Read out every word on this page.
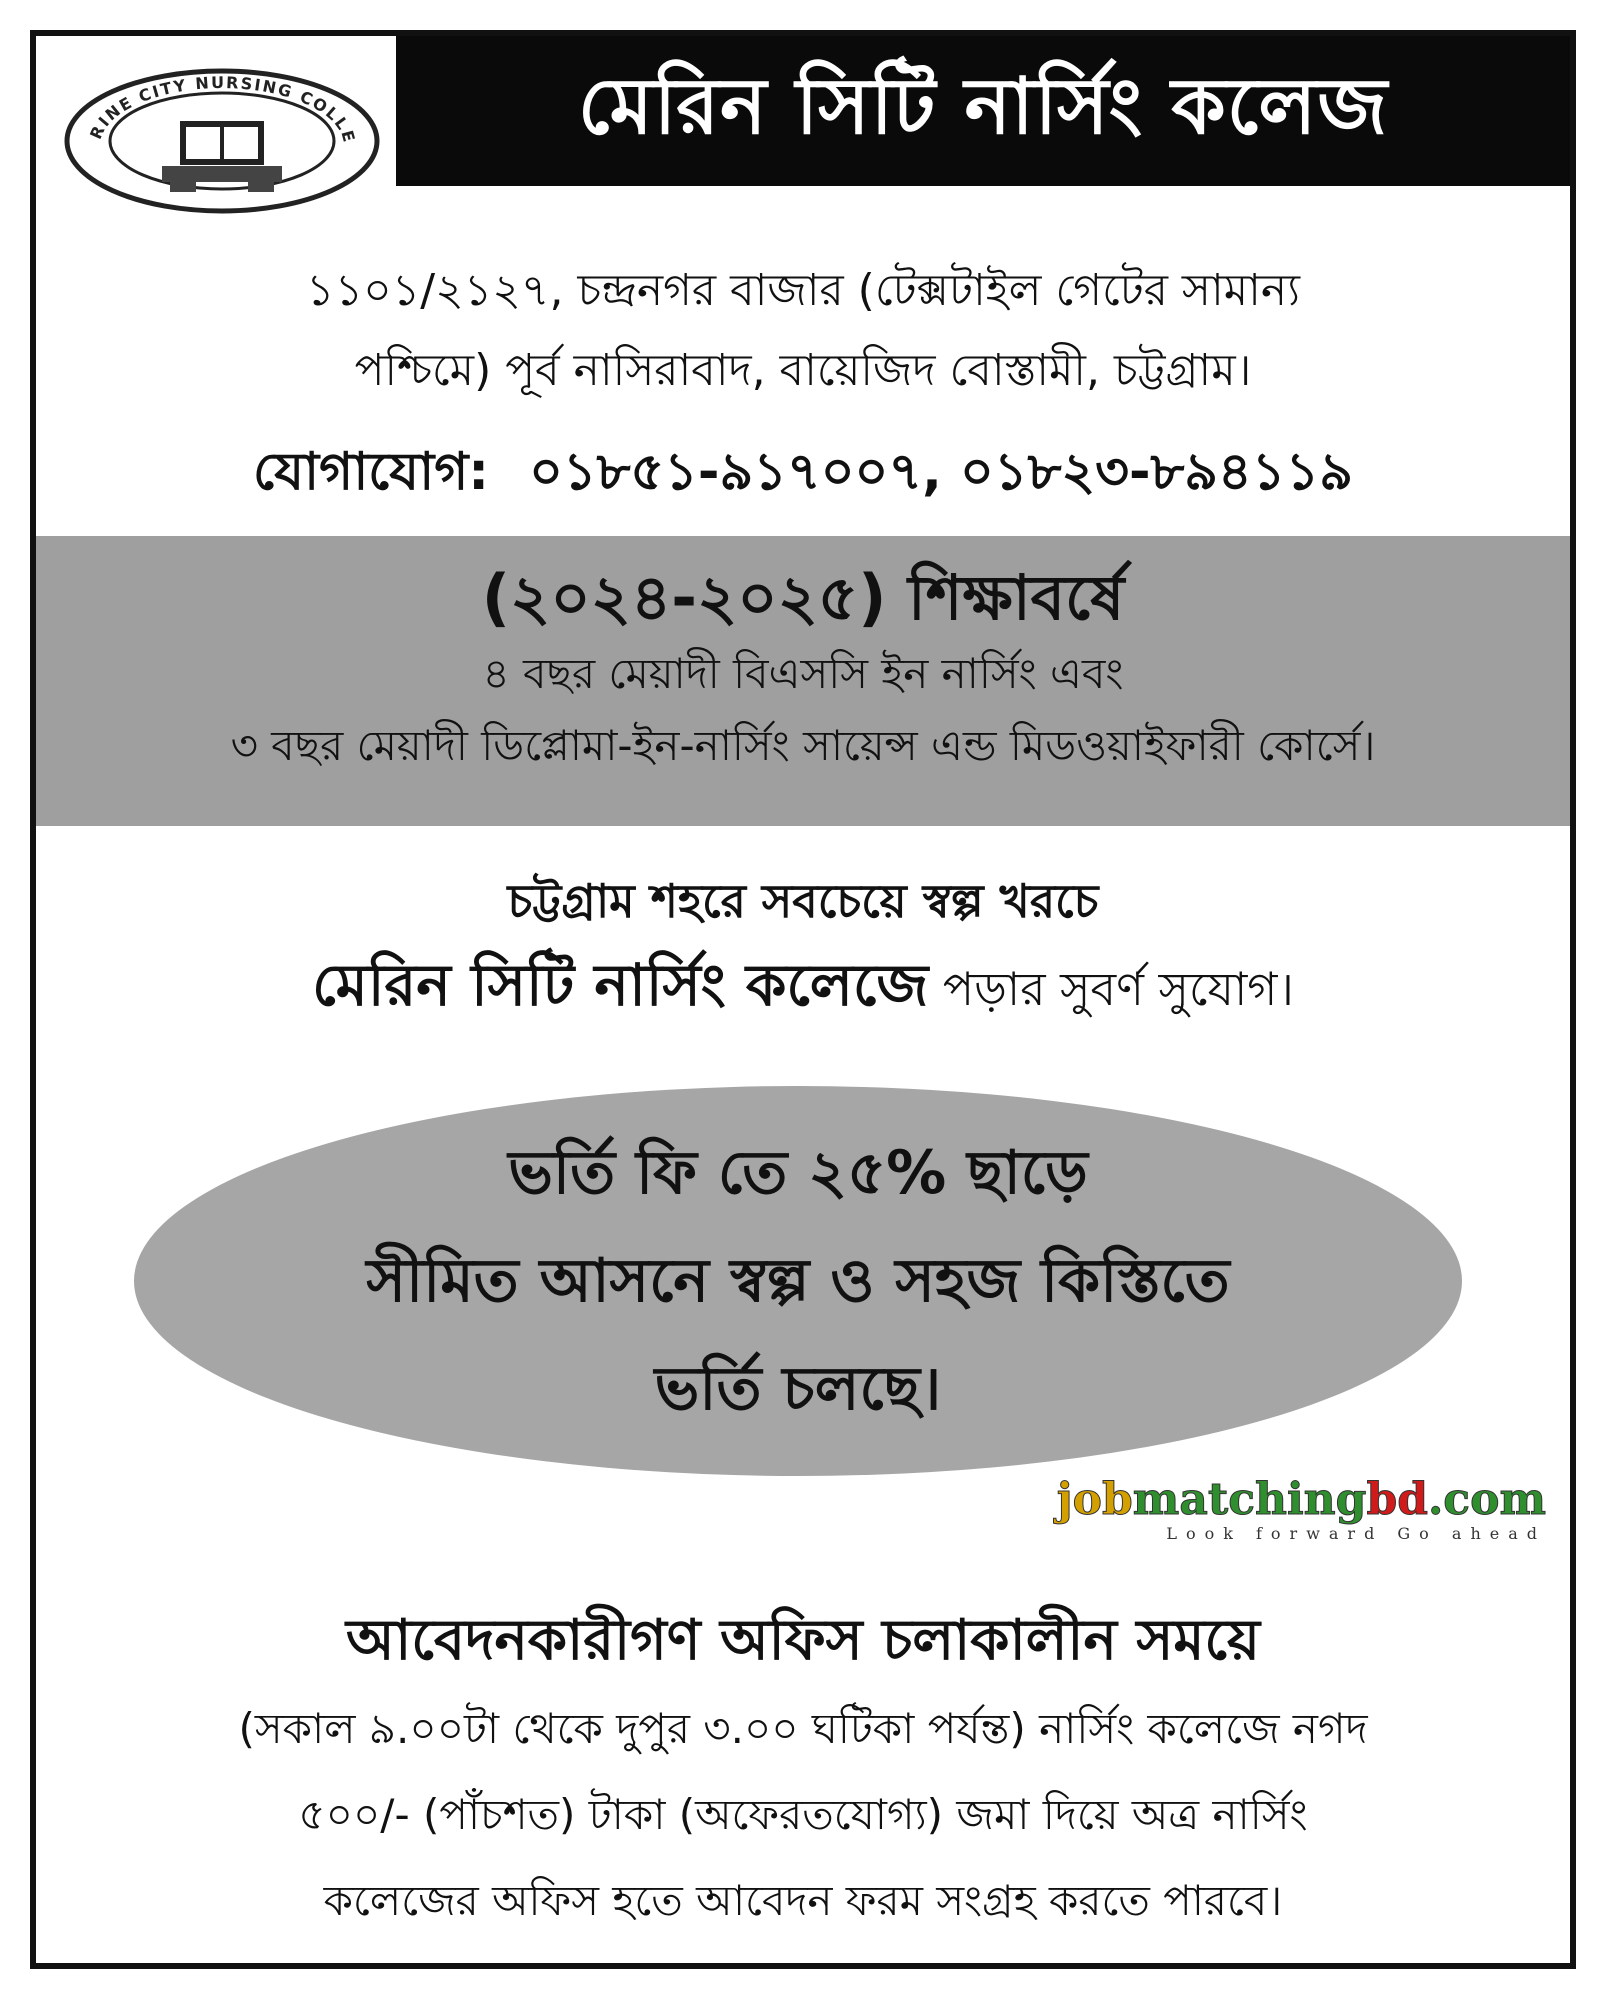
RINE CITY NURSING COLLE	মেরিন সিটি নার্সিং কলেজ
১১০১/২১২৭, চন্দ্রনগর বাজার (টেক্সটাইল গেটের সামান্য
পশ্চিমে) পূর্ব নাসিরাবাদ, বায়েজিদ বোস্তামী, চট্টগ্রাম।
যোগাযোগ: ০১৮৫১-৯১৭০০৭, ০১৮২৩-৮৯৪১১৯
(২০২৪-২০২৫) শিক্ষাবর্ষে
৪ বছর মেয়াদী বিএসসি ইন নার্সিং এবং
৩ বছর মেয়াদী ডিপ্লোমা-ইন-নার্সিং সায়েন্স এন্ড মিডওয়াইফারী কোর্সে।
চট্টগ্রাম শহরে সবচেয়ে স্বল্প খরচে
মেরিন সিটি নার্সিং কলেজে পড়ার সুবর্ণ সুযোগ।
ভর্তি ফি তে ২৫% ছাড়ে
সীমিত আসনে স্বল্প ও সহজ কিস্তিতে
ভর্তি চলছে।
jobmatchingbd.com
Look forward Go ahead
আবেদনকারীগণ অফিস চলাকালীন সময়ে
(সকাল ৯.০০টা থেকে দুপুর ৩.০০ ঘটিকা পর্যন্ত) নার্সিং কলেজে নগদ
৫০০/- (পাঁচশত) টাকা (অফেরতযোগ্য) জমা দিয়ে অত্র নার্সিং
কলেজের অফিস হতে আবেদন ফরম সংগ্রহ করতে পারবে।
